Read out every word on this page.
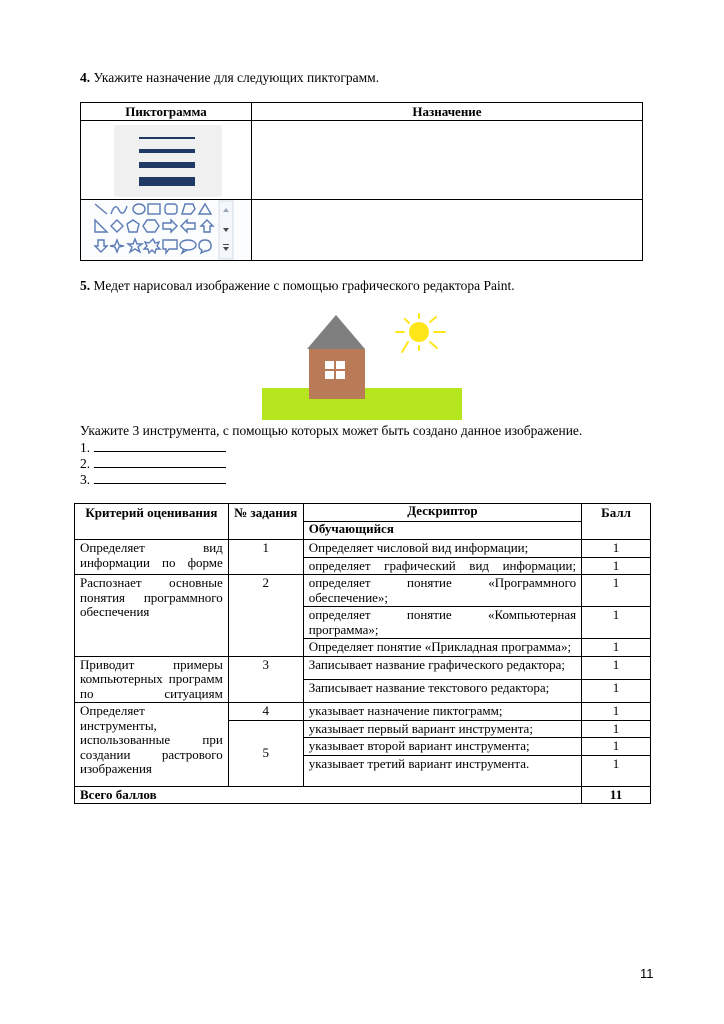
4. Укажите назначение для следующих пиктограмм.
Пиктограмма	Назначение

5. Медет нарисовал изображение с помощью графического редактора Paint.
Укажите 3 инструмента, с помощью которых может быть создано данное изображение.
1.
2.
3.
Критерий оценивания	№ задания	Дескриптор	Балл
		Обучающийся	
Определяет вид информации по форме	1	Определяет числовой вид информации;	1
		определяет графический вид информации;	1
Распознает основные понятия программного обеспечения	2	определяет понятие «Программного обеспечение»;	1
		определяет понятие «Компьютерная программа»;	1
		Определяет понятие «Прикладная программа»;	1
Приводит примеры компьютерных программ по ситуациям	3	Записывает название графического редактора;	1
		Записывает название текстового редактора;	1
Определяет инструменты, использованные при создании растрового изображения	4	указывает назначение пиктограмм;	1
	5	указывает первый вариант инструмента;	1
		указывает второй вариант инструмента;	1
		указывает третий вариант инструмента.	1
Всего баллов			11
11
